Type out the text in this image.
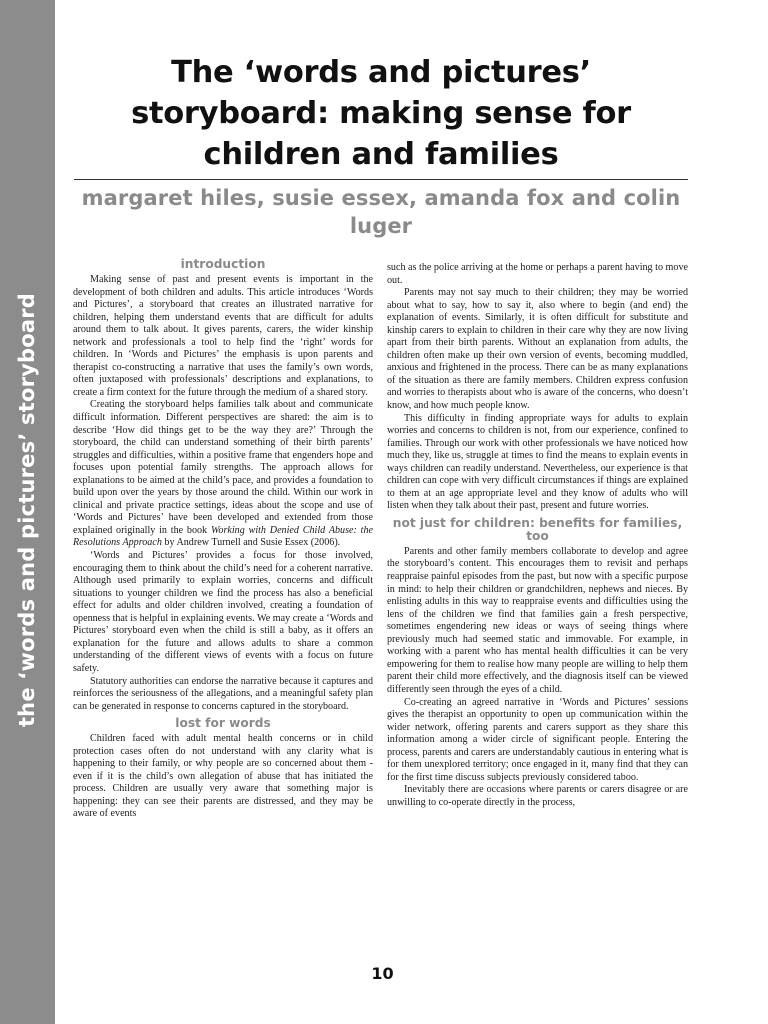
the ‘words and pictures’ storyboard
The ‘words and pictures’ storyboard: making sense for children and families
margaret hiles, susie essex, amanda fox and colin luger
introduction

Making sense of past and present events is important in the development of both children and adults. This article introduces ‘Words and Pictures’, a storyboard that creates an illustrated narrative for children, helping them understand events that are difficult for adults around them to talk about. It gives parents, carers, the wider kinship network and professionals a tool to help find the ‘right’ words for children. In ‘Words and Pictures’ the emphasis is upon parents and therapist co-constructing a narrative that uses the family’s own words, often juxtaposed with professionals’ descriptions and explanations, to create a firm context for the future through the medium of a shared story.

Creating the storyboard helps families talk about and communicate difficult information. Different perspectives are shared: the aim is to describe ‘How did things get to be the way they are?’ Through the storyboard, the child can understand something of their birth parents’ struggles and difficulties, within a positive frame that engenders hope and focuses upon potential family strengths. The approach allows for explanations to be aimed at the child’s pace, and provides a foundation to build upon over the years by those around the child. Within our work in clinical and private practice settings, ideas about the scope and use of ‘Words and Pictures’ have been developed and extended from those explained originally in the book Working with Denied Child Abuse: the Resolutions Approach by Andrew Turnell and Susie Essex (2006).

‘Words and Pictures’ provides a focus for those involved, encouraging them to think about the child’s need for a coherent narrative. Although used primarily to explain worries, concerns and difficult situations to younger children we find the process has also a beneficial effect for adults and older children involved, creating a foundation of openness that is helpful in explaining events. We may create a ‘Words and Pictures’ storyboard even when the child is still a baby, as it offers an explanation for the future and allows adults to share a common understanding of the different views of events with a focus on future safety.

Statutory authorities can endorse the narrative because it captures and reinforces the seriousness of the allegations, and a meaningful safety plan can be generated in response to concerns captured in the storyboard.

lost for words

Children faced with adult mental health concerns or in child protection cases often do not understand with any clarity what is happening to their family, or why people are so concerned about them - even if it is the child’s own allegation of abuse that has initiated the process. Children are usually very aware that something major is happening: they can see their parents are distressed, and they may be aware of events

such as the police arriving at the home or perhaps a parent having to move out.

Parents may not say much to their children; they may be worried about what to say, how to say it, also where to begin (and end) the explanation of events. Similarly, it is often difficult for substitute and kinship carers to explain to children in their care why they are now living apart from their birth parents. Without an explanation from adults, the children often make up their own version of events, becoming muddled, anxious and frightened in the process. There can be as many explanations of the situation as there are family members. Children express confusion and worries to therapists about who is aware of the concerns, who doesn’t know, and how much people know.

This difficulty in finding appropriate ways for adults to explain worries and concerns to children is not, from our experience, confined to families. Through our work with other professionals we have noticed how much they, like us, struggle at times to find the means to explain events in ways children can readily understand. Nevertheless, our experience is that children can cope with very difficult circumstances if things are explained to them at an age appropriate level and they know of adults who will listen when they talk about their past, present and future worries.

not just for children: benefits for families, too

Parents and other family members collaborate to develop and agree the storyboard’s content. This encourages them to revisit and perhaps reappraise painful episodes from the past, but now with a specific purpose in mind: to help their children or grandchildren, nephews and nieces. By enlisting adults in this way to reappraise events and difficulties using the lens of the children we find that families gain a fresh perspective, sometimes engendering new ideas or ways of seeing things where previously much had seemed static and immovable. For example, in working with a parent who has mental health difficulties it can be very empowering for them to realise how many people are willing to help them parent their child more effectively, and the diagnosis itself can be viewed differently seen through the eyes of a child.

Co-creating an agreed narrative in ‘Words and Pictures’ sessions gives the therapist an opportunity to open up communication within the wider network, offering parents and carers support as they share this information among a wider circle of significant people. Entering the process, parents and carers are understandably cautious in entering what is for them unexplored territory; once engaged in it, many find that they can for the first time discuss subjects previously considered taboo.

Inevitably there are occasions where parents or carers disagree or are unwilling to co-operate directly in the process,

10
